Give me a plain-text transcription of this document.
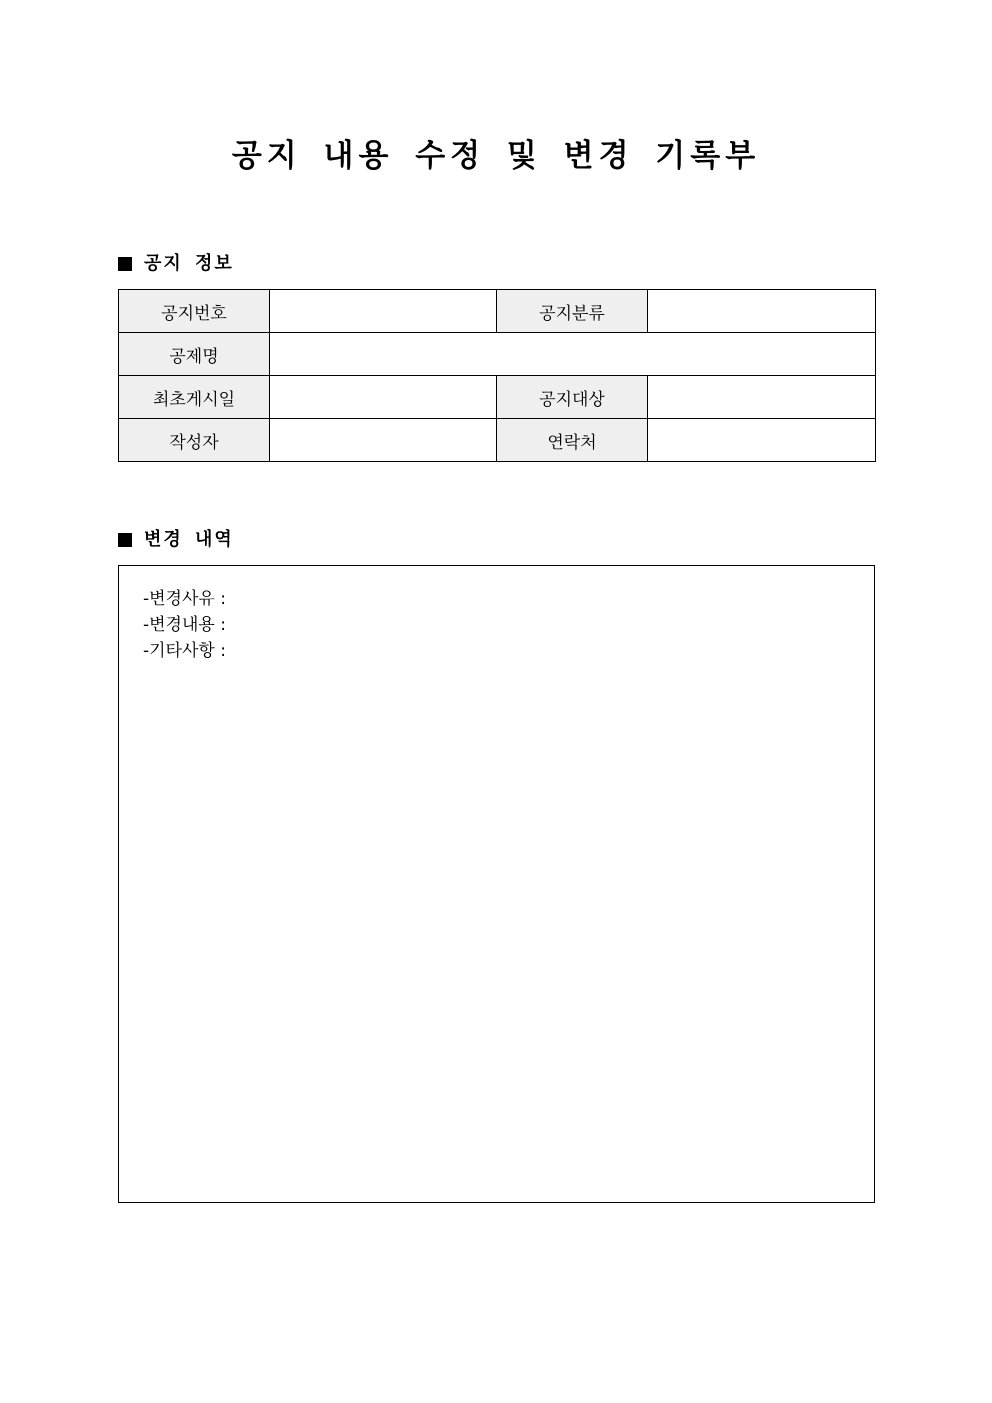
공지 내용 수정 및 변경 기록부
공지 정보
공지번호		공지분류	
공제명			
최초게시일		공지대상	
작성자		연락처	
변경 내역
-변경사유 :
-변경내용 :
-기타사항 :
